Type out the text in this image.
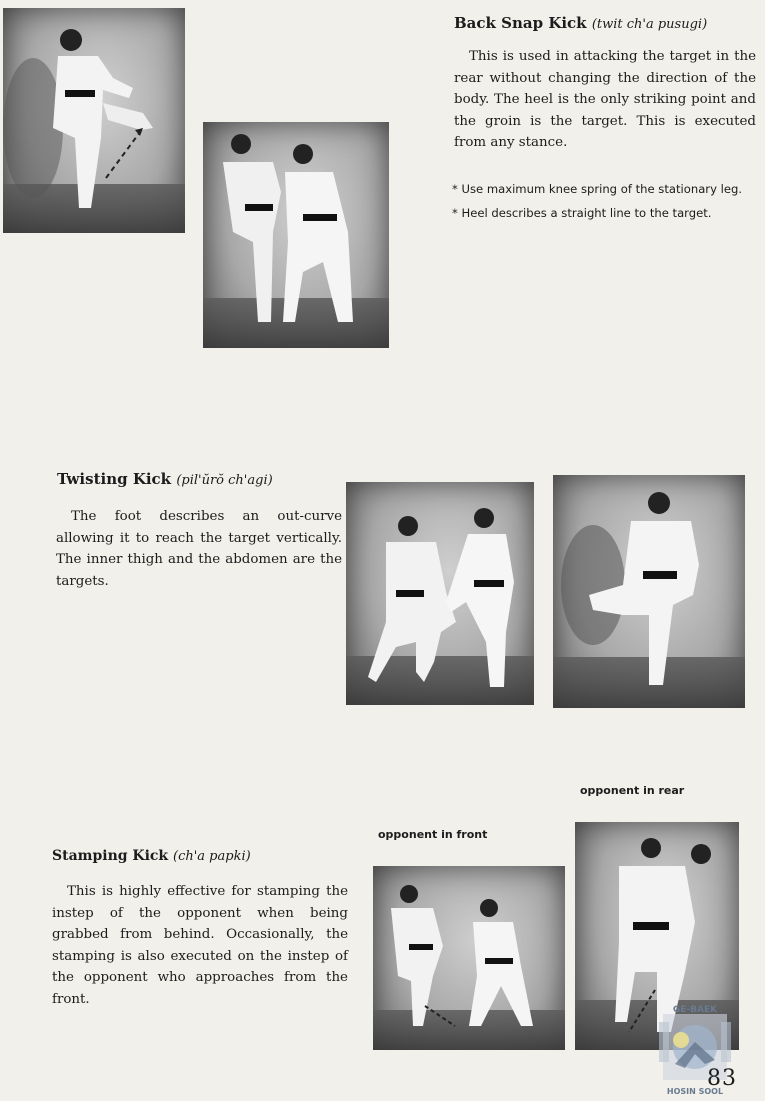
Back Snap Kick (twit ch'a pusugi)

This is used in attacking the target in the rear without changing the direction of the body. The heel is the only striking point and the groin is the target. This is executed from any stance.

* Use maximum knee spring of the stationary leg.
* Heel describes a straight line to the target.
Twisting Kick (pil'ŭrŏ ch'agi)

The foot describes an out-curve allowing it to reach the target vertically. The inner thigh and the abdomen are the targets.

opponent in rear
opponent in front
Stamping Kick (ch'a papki)

This is highly effective for stamping the instep of the opponent when being grabbed from behind. Occasionally, the stamping is also executed on the instep of the opponent who approaches from the front.

GE-BAEK
HOSIN SOOL
83
